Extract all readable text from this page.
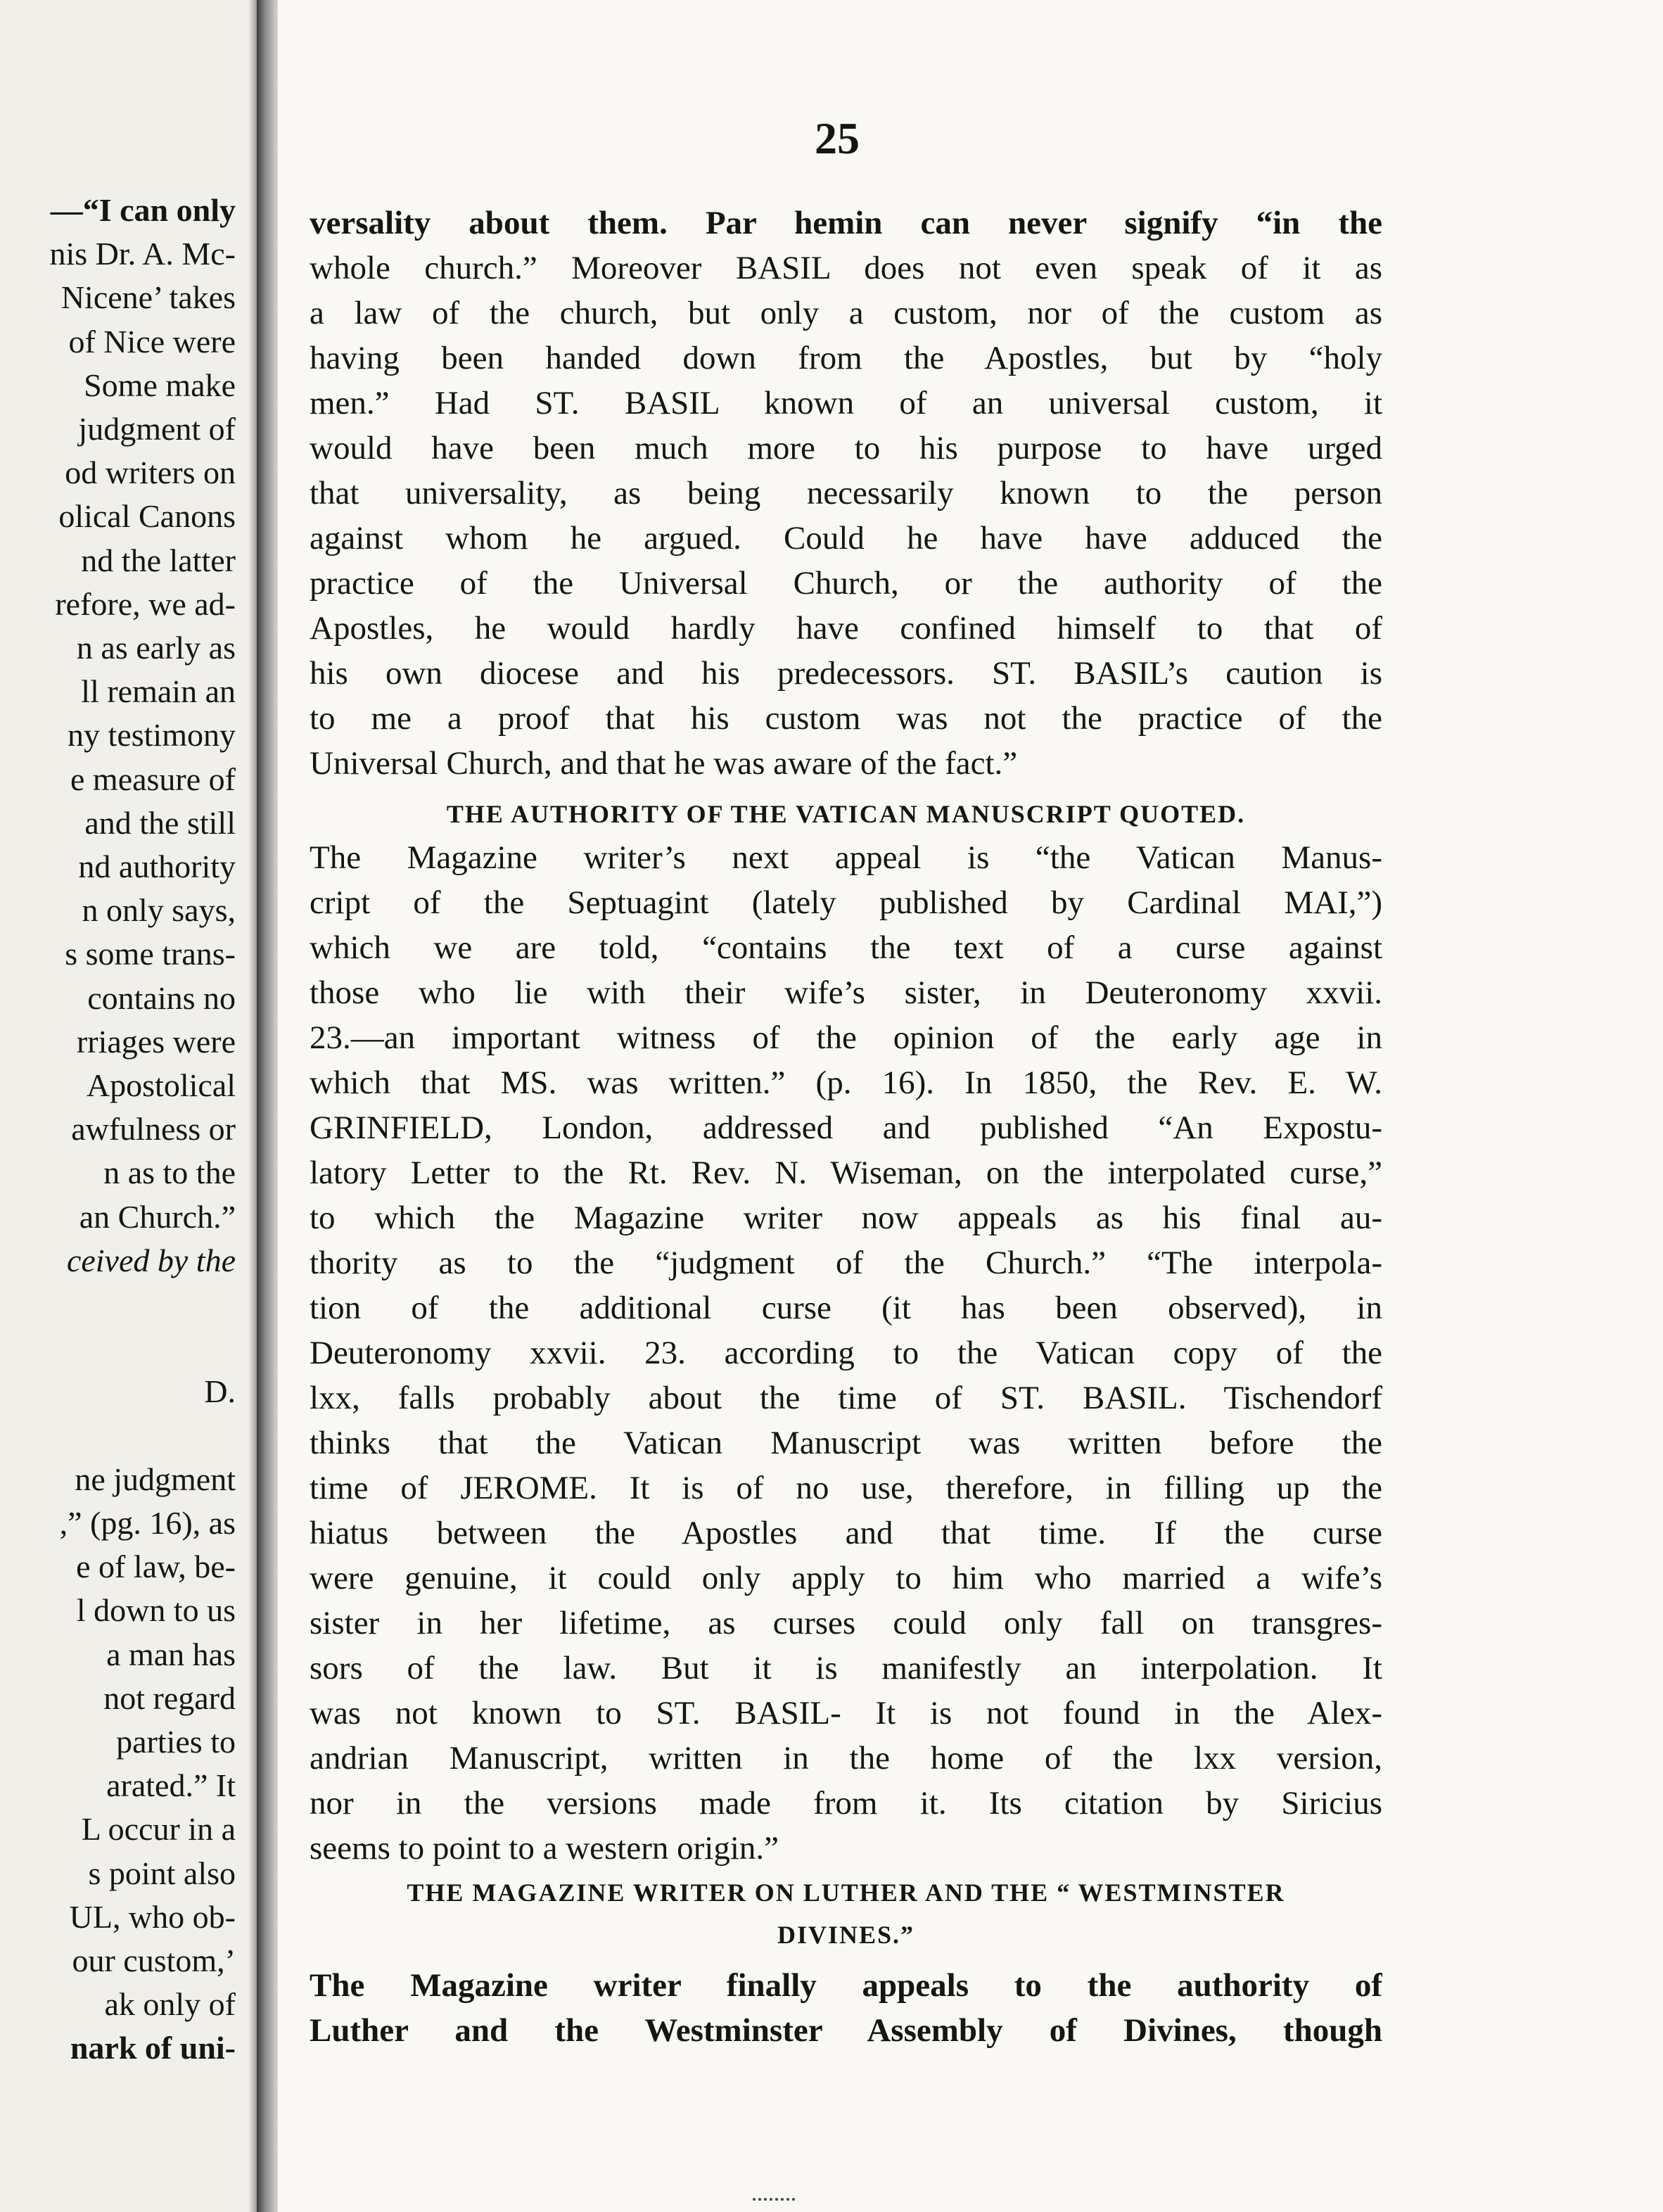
—“I can only
nis Dr. A. Mc-
Nicene’ takes
of Nice were
Some make
judgment of
od writers on
olical Canons
nd the latter
refore, we ad-
n as early as
ll remain an
ny testimony
e measure of
and the still
nd authority
n only says,
s some trans-
contains no
rriages were
Apostolical
awfulness or
n as to the
an Church.”
ceived by the
D.
ne judgment
,” (pg. 16), as
e of law, be-
l down to us
a man has
not regard
parties to
arated.” It
L occur in a
s point also
UL, who ob-
our custom,’
ak only of
nark of uni-
25
versality about them. Par hemin can never signify “in the
whole church.” Moreover BASIL does not even speak of it as
a law of the church, but only a custom, nor of the custom as
having been handed down from the Apostles, but by “holy
men.” Had ST. BASIL known of an universal custom, it
would have been much more to his purpose to have urged
that universality, as being necessarily known to the person
against whom he argued. Could he have have adduced the
practice of the Universal Church, or the authority of the
Apostles, he would hardly have confined himself to that of
his own diocese and his predecessors. ST. BASIL’s caution is
to me a proof that his custom was not the practice of the
Universal Church, and that he was aware of the fact.”
THE AUTHORITY OF THE VATICAN MANUSCRIPT QUOTED.
The Magazine writer’s next appeal is “the Vatican Manus-
cript of the Septuagint (lately published by Cardinal MAI,”)
which we are told, “contains the text of a curse against
those who lie with their wife’s sister, in Deuteronomy xxvii.
23.—an important witness of the opinion of the early age in
which that MS. was written.” (p. 16). In 1850, the Rev. E. W.
GRINFIELD, London, addressed and published “An Expostu-
latory Letter to the Rt. Rev. N. Wiseman, on the interpolated curse,”
to which the Magazine writer now appeals as his final au-
thority as to the “judgment of the Church.” “The interpola-
tion of the additional curse (it has been observed), in
Deuteronomy xxvii. 23. according to the Vatican copy of the
lxx, falls probably about the time of ST. BASIL. Tischendorf
thinks that the Vatican Manuscript was written before the
time of JEROME. It is of no use, therefore, in filling up the
hiatus between the Apostles and that time. If the curse
were genuine, it could only apply to him who married a wife’s
sister in her lifetime, as curses could only fall on transgres-
sors of the law. But it is manifestly an interpolation. It
was not known to ST. BASIL- It is not found in the Alex-
andrian Manuscript, written in the home of the lxx version,
nor in the versions made from it. Its citation by Siricius
seems to point to a western origin.”
THE MAGAZINE WRITER ON LUTHER AND THE “ WESTMINSTER
DIVINES.”
The Magazine writer finally appeals to the authority of
Luther and the Westminster Assembly of Divines, though
